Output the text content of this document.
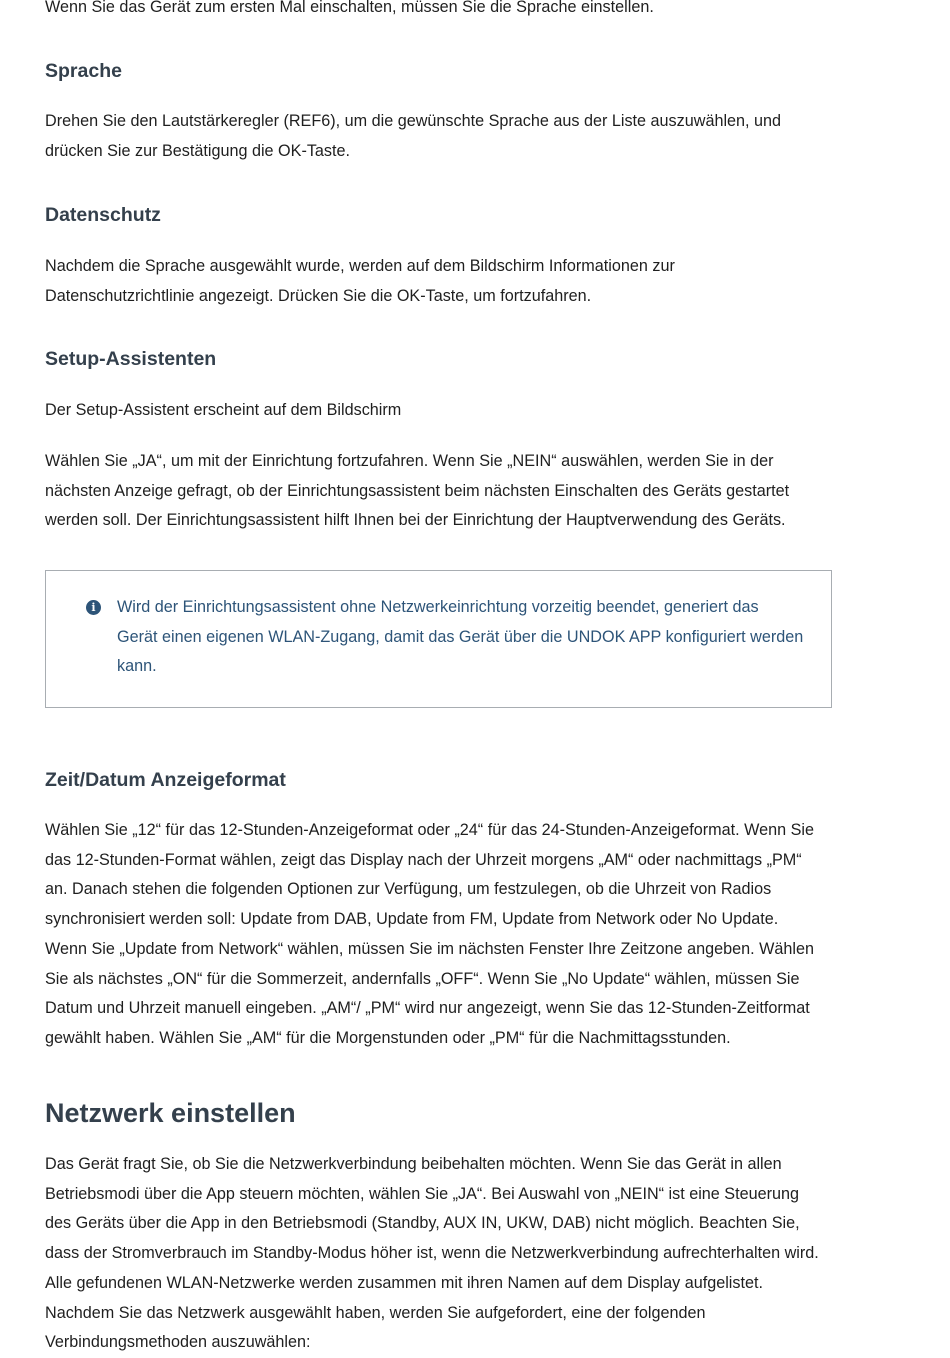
Wenn Sie das Gerät zum ersten Mal einschalten, müssen Sie die Sprache einstellen.

Sprache

Drehen Sie den Lautstärkeregler (REF6), um die gewünschte Sprache aus der Liste auszuwählen, und
drücken Sie zur Bestätigung die OK-Taste.

Datenschutz

Nachdem die Sprache ausgewählt wurde, werden auf dem Bildschirm Informationen zur
Datenschutzrichtlinie angezeigt. Drücken Sie die OK-Taste, um fortzufahren.

Setup-Assistenten

Der Setup-Assistent erscheint auf dem Bildschirm

Wählen Sie „JA“, um mit der Einrichtung fortzufahren. Wenn Sie „NEIN“ auswählen, werden Sie in der
nächsten Anzeige gefragt, ob der Einrichtungsassistent beim nächsten Einschalten des Geräts gestartet
werden soll. Der Einrichtungsassistent hilft Ihnen bei der Einrichtung der Hauptverwendung des Geräts.

i	Wird der Einrichtungsassistent ohne Netzwerkeinrichtung vorzeitig beendet, generiert das
Gerät einen eigenen WLAN-Zugang, damit das Gerät über die UNDOK APP konfiguriert werden
kann.

Zeit/Datum Anzeigeformat

Wählen Sie „12“ für das 12-Stunden-Anzeigeformat oder „24“ für das 24-Stunden-Anzeigeformat. Wenn Sie
das 12-Stunden-Format wählen, zeigt das Display nach der Uhrzeit morgens „AM“ oder nachmittags „PM“
an. Danach stehen die folgenden Optionen zur Verfügung, um festzulegen, ob die Uhrzeit von Radios
synchronisiert werden soll: Update from DAB, Update from FM, Update from Network oder No Update.
Wenn Sie „Update from Network“ wählen, müssen Sie im nächsten Fenster Ihre Zeitzone angeben. Wählen
Sie als nächstes „ON“ für die Sommerzeit, andernfalls „OFF“. Wenn Sie „No Update“ wählen, müssen Sie
Datum und Uhrzeit manuell eingeben. „AM“/ „PM“ wird nur angezeigt, wenn Sie das 12-Stunden-Zeitformat
gewählt haben. Wählen Sie „AM“ für die Morgenstunden oder „PM“ für die Nachmittagsstunden.

Netzwerk einstellen

Das Gerät fragt Sie, ob Sie die Netzwerkverbindung beibehalten möchten. Wenn Sie das Gerät in allen
Betriebsmodi über die App steuern möchten, wählen Sie „JA“. Bei Auswahl von „NEIN“ ist eine Steuerung
des Geräts über die App in den Betriebsmodi (Standby, AUX IN, UKW, DAB) nicht möglich. Beachten Sie,
dass der Stromverbrauch im Standby-Modus höher ist, wenn die Netzwerkverbindung aufrechterhalten wird.
Alle gefundenen WLAN-Netzwerke werden zusammen mit ihren Namen auf dem Display aufgelistet.
Nachdem Sie das Netzwerk ausgewählt haben, werden Sie aufgefordert, eine der folgenden
Verbindungsmethoden auszuwählen:
